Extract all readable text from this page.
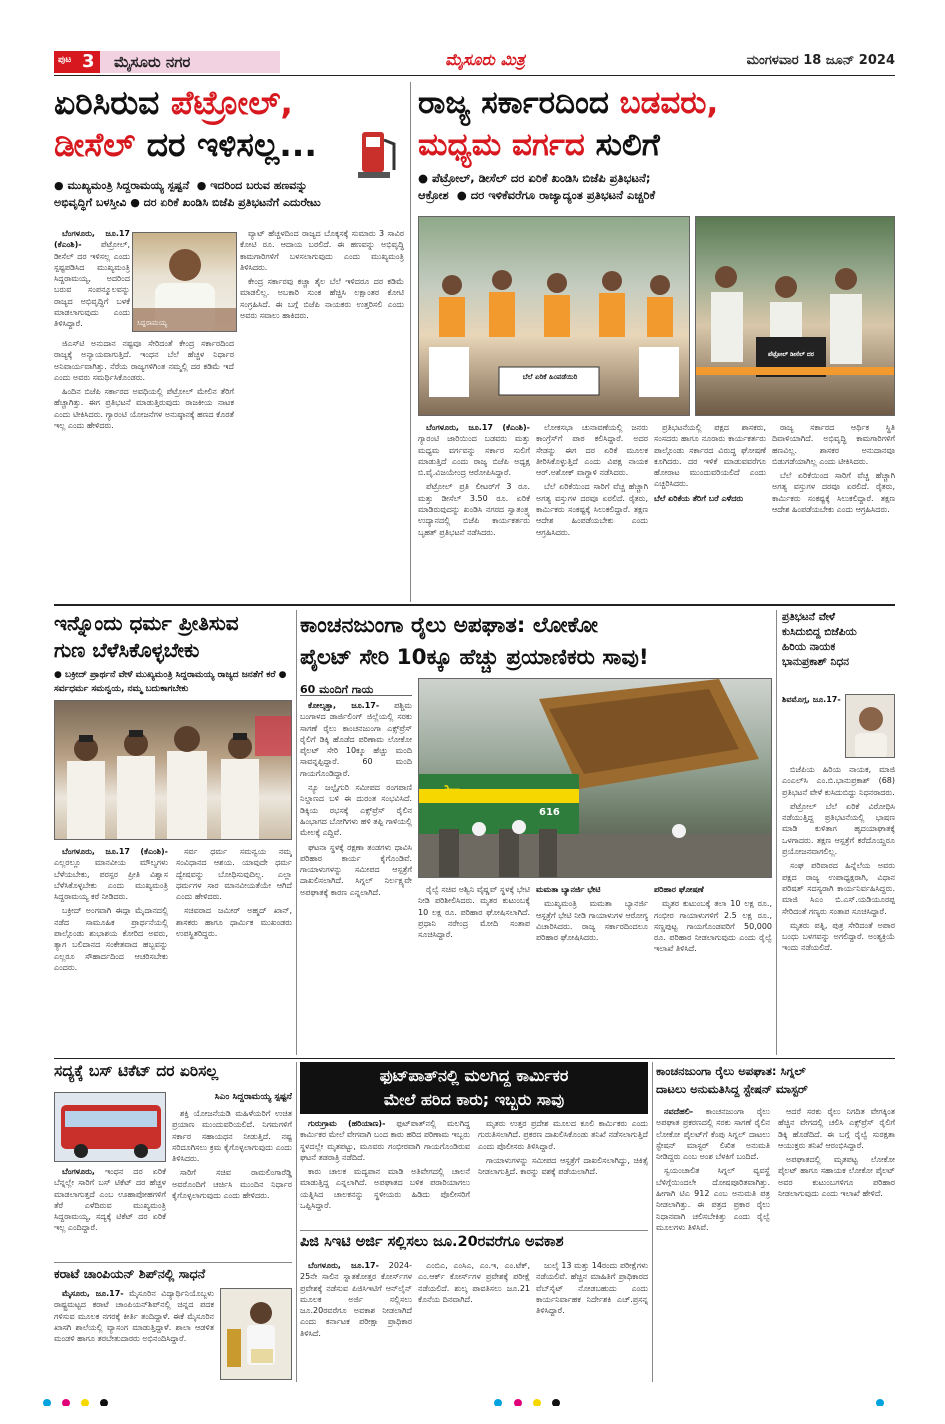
ಪುಟ 3 ಮೈಸೂರು ನಗರ	ಮೈಸೂರು ಮಿತ್ರ	ಮಂಗಳವಾರ 18 ಜೂನ್ 2024
ಏರಿಸಿರುವ ಪೆಟ್ರೋಲ್,
ಡೀಸೆಲ್ ದರ ಇಳಿಸಲ್ಲ...
● ಮುಖ್ಯಮಂತ್ರಿ ಸಿದ್ದರಾಮಯ್ಯ ಸ್ಪಷ್ಟನೆ  ● ಇದರಿಂದ ಬರುವ ಹಣವನ್ನು
ಅಭಿವೃದ್ಧಿಗೆ ಬಳಸ್ತೀವಿ ● ದರ ಏರಿಕೆ ಖಂಡಿಸಿ ಬಿಜೆಪಿ ಪ್ರತಿಭಟನೆಗೆ ಎದುರೇಟು
ಸಿದ್ದರಾಮಯ್ಯ

ಬೆಂಗಳೂರು, ಜೂ.17 (ಕೆಎಂಶಿ)- ಪೆಟ್ರೋಲ್, ಡೀಸೆಲ್ ದರ ಇಳಿಸಲ್ಲ ಎಂದು ಸ್ಪಷ್ಟಪಡಿಸಿದ ಮುಖ್ಯಮಂತ್ರಿ ಸಿದ್ದರಾಮಯ್ಯ, ಅದರಿಂದ ಬರುವ ಸಂಪನ್ಮೂಲವನ್ನು ರಾಜ್ಯದ ಅಭಿವೃದ್ಧಿಗೆ ಬಳಕೆ ಮಾಡಲಾಗುವುದು ಎಂದು ತಿಳಿಸಿದ್ದಾರೆ.

ಜಿಎಸ್‍ಟಿ ಅನುದಾನ ನಷ್ಟವೂ ಸೇರಿದಂತೆ ಕೇಂದ್ರ ಸರ್ಕಾರದಿಂದ ರಾಜ್ಯಕ್ಕೆ ಅನ್ಯಾಯವಾಗುತ್ತಿದೆ. ಇಂಧನ ಬೆಲೆ ಹೆಚ್ಚಳ ನಿರ್ಧಾರ ಅನಿವಾರ್ಯವಾಗಿತ್ತು. ನೆರೆಯ ರಾಜ್ಯಗಳಿಗಿಂತ ನಮ್ಮಲ್ಲಿ ದರ ಕಡಿಮೆ ಇದೆ ಎಂದು ಅವರು ಸಮರ್ಥಿಸಿಕೊಂಡರು.

ಹಿಂದಿನ ಬಿಜೆಪಿ ಸರ್ಕಾರದ ಅವಧಿಯಲ್ಲಿ ಪೆಟ್ರೋಲ್ ಮೇಲಿನ ತೆರಿಗೆ ಹೆಚ್ಚಾಗಿತ್ತು. ಈಗ ಪ್ರತಿಭಟನೆ ಮಾಡುತ್ತಿರುವುದು ರಾಜಕೀಯ ನಾಟಕ ಎಂದು ಟೀಕಿಸಿದರು. ಗ್ಯಾರಂಟಿ ಯೋಜನೆಗಳ ಅನುಷ್ಠಾನಕ್ಕೆ ಹಣದ ಕೊರತೆ ಇಲ್ಲ ಎಂದು ಹೇಳಿದರು.

ವ್ಯಾಟ್ ಹೆಚ್ಚಳದಿಂದ ರಾಜ್ಯದ ಬೊಕ್ಕಸಕ್ಕೆ ಸುಮಾರು 3 ಸಾವಿರ ಕೋಟಿ ರೂ. ಆದಾಯ ಬರಲಿದೆ. ಈ ಹಣವನ್ನು ಅಭಿವೃದ್ಧಿ ಕಾಮಗಾರಿಗಳಿಗೆ ಬಳಸಲಾಗುವುದು ಎಂದು ಮುಖ್ಯಮಂತ್ರಿ ತಿಳಿಸಿದರು.

ಕೇಂದ್ರ ಸರ್ಕಾರವು ಕಚ್ಚಾ ತೈಲ ಬೆಲೆ ಇಳಿದರೂ ದರ ಕಡಿಮೆ ಮಾಡಲಿಲ್ಲ. ಅಬಕಾರಿ ಸುಂಕ ಹೆಚ್ಚಿಸಿ ಲಕ್ಷಾಂತರ ಕೋಟಿ ಸಂಗ್ರಹಿಸಿದೆ. ಈ ಬಗ್ಗೆ ಬಿಜೆಪಿ ನಾಯಕರು ಉತ್ತರಿಸಲಿ ಎಂದು ಅವರು ಸವಾಲು ಹಾಕಿದರು.

ರಾಜ್ಯ ಸರ್ಕಾರದಿಂದ ಬಡವರು,
ಮಧ್ಯಮ ವರ್ಗದ ಸುಲಿಗೆ
● ಪೆಟ್ರೋಲ್, ಡೀಸೆಲ್ ದರ ಏರಿಕೆ ಖಂಡಿಸಿ ಬಿಜೆಪಿ ಪ್ರತಿಭಟನೆ;
ಆಕ್ರೋಶ  ● ದರ ಇಳಿಕೆವರೆಗೂ ರಾಜ್ಯಾದ್ಯಂತ ಪ್ರತಿಭಟನೆ ಎಚ್ಚರಿಕೆ
ಬೆಲೆ ಏರಿಕೆ ಹಿಂಪಡೆಯಿರಿ
ಪೆಟ್ರೋಲ್ ಡೀಸೆಲ್ ದರ

ಬೆಂಗಳೂರು, ಜೂ.17 (ಕೆಎಂಶಿ)- ಗ್ಯಾರಂಟಿ ಜಾರಿಯಿಂದ ಬಡವರು ಮತ್ತು ಮಧ್ಯಮ ವರ್ಗವನ್ನು ಸರ್ಕಾರ ಸುಲಿಗೆ ಮಾಡುತ್ತಿದೆ ಎಂದು ರಾಜ್ಯ ಬಿಜೆಪಿ ಅಧ್ಯಕ್ಷ ಬಿ.ವೈ.ವಿಜಯೇಂದ್ರ ಆರೋಪಿಸಿದ್ದಾರೆ.

ಪೆಟ್ರೋಲ್ ಪ್ರತಿ ಲೀಟರ್‌ಗೆ 3 ರೂ. ಮತ್ತು ಡೀಸೆಲ್ 3.50 ರೂ. ಏರಿಕೆ ಮಾಡಿರುವುದನ್ನು ಖಂಡಿಸಿ ನಗರದ ಸ್ವಾತಂತ್ರ್ಯ ಉದ್ಯಾನದಲ್ಲಿ ಬಿಜೆಪಿ ಕಾರ್ಯಕರ್ತರು ಬೃಹತ್ ಪ್ರತಿಭಟನೆ ನಡೆಸಿದರು.

ಲೋಕಸಭಾ ಚುನಾವಣೆಯಲ್ಲಿ ಜನರು ಕಾಂಗ್ರೆಸ್‌ಗೆ ಪಾಠ ಕಲಿಸಿದ್ದಾರೆ. ಅದರ ಸೇಡನ್ನು ಈಗ ದರ ಏರಿಕೆ ಮೂಲಕ ತೀರಿಸಿಕೊಳ್ಳುತ್ತಿದೆ ಎಂದು ವಿಪಕ್ಷ ನಾಯಕ ಆರ್.ಅಶೋಕ್ ವಾಗ್ದಾಳಿ ನಡೆಸಿದರು.

ಬೆಲೆ ಏರಿಕೆಯಿಂದ ಸಾರಿಗೆ ವೆಚ್ಚ ಹೆಚ್ಚಾಗಿ ಅಗತ್ಯ ವಸ್ತುಗಳ ದರವೂ ಏರಲಿದೆ. ರೈತರು, ಕಾರ್ಮಿಕರು ಸಂಕಷ್ಟಕ್ಕೆ ಸಿಲುಕಲಿದ್ದಾರೆ. ತಕ್ಷಣ ಆದೇಶ ಹಿಂಪಡೆಯಬೇಕು ಎಂದು ಆಗ್ರಹಿಸಿದರು.

ಪ್ರತಿಭಟನೆಯಲ್ಲಿ ಪಕ್ಷದ ಶಾಸಕರು, ಸಂಸದರು ಹಾಗೂ ನೂರಾರು ಕಾರ್ಯಕರ್ತರು ಪಾಲ್ಗೊಂಡು ಸರ್ಕಾರದ ವಿರುದ್ಧ ಘೋಷಣೆ ಕೂಗಿದರು. ದರ ಇಳಿಕೆ ಮಾಡುವವರೆಗೂ ಹೋರಾಟ ಮುಂದುವರಿಯಲಿದೆ ಎಂದು ಎಚ್ಚರಿಸಿದರು.

ಬೆಲೆ ಏರಿಕೆಯ ತೆರಿಗೆ ಬರೆ ಎಳೆದರು

ರಾಜ್ಯ ಸರ್ಕಾರದ ಆರ್ಥಿಕ ಸ್ಥಿತಿ ದಿವಾಳಿಯಾಗಿದೆ. ಅಭಿವೃದ್ಧಿ ಕಾಮಗಾರಿಗಳಿಗೆ ಹಣವಿಲ್ಲ. ಶಾಸಕರ ಅನುದಾನವೂ ಬಿಡುಗಡೆಯಾಗಿಲ್ಲ ಎಂದು ಟೀಕಿಸಿದರು.

ಬೆಲೆ ಏರಿಕೆಯಿಂದ ಸಾರಿಗೆ ವೆಚ್ಚ ಹೆಚ್ಚಾಗಿ ಅಗತ್ಯ ವಸ್ತುಗಳ ದರವೂ ಏರಲಿದೆ. ರೈತರು, ಕಾರ್ಮಿಕರು ಸಂಕಷ್ಟಕ್ಕೆ ಸಿಲುಕಲಿದ್ದಾರೆ. ತಕ್ಷಣ ಆದೇಶ ಹಿಂಪಡೆಯಬೇಕು ಎಂದು ಆಗ್ರಹಿಸಿದರು.

ಇನ್ನೊಂದು ಧರ್ಮ ಪ್ರೀತಿಸುವ
ಗುಣ ಬೆಳೆಸಿಕೊಳ್ಳಬೇಕು
● ಬಕ್ರೀದ್ ಪ್ರಾರ್ಥನೆ ವೇಳೆ ಮುಖ್ಯಮಂತ್ರಿ ಸಿದ್ದರಾಮಯ್ಯ ರಾಜ್ಯದ ಜನತೆಗೆ ಕರೆ ● ಸರ್ವಧರ್ಮ ಸಮನ್ವಯ, ನಮ್ಮ ಬದುಕಾಗಬೇಕು

ಬೆಂಗಳೂರು, ಜೂ.17 (ಕೆಎಂಶಿ)- ಎಲ್ಲರಲ್ಲೂ ಮಾನವೀಯ ಮೌಲ್ಯಗಳು ಬೆಳೆಯಬೇಕು, ಪರಸ್ಪರ ಪ್ರೀತಿ ವಿಶ್ವಾಸ ಬೆಳೆಸಿಕೊಳ್ಳಬೇಕು ಎಂದು ಮುಖ್ಯಮಂತ್ರಿ ಸಿದ್ದರಾಮಯ್ಯ ಕರೆ ನೀಡಿದರು.

ಬಕ್ರೀದ್ ಅಂಗವಾಗಿ ಈದ್ಗಾ ಮೈದಾನದಲ್ಲಿ ನಡೆದ ಸಾಮೂಹಿಕ ಪ್ರಾರ್ಥನೆಯಲ್ಲಿ ಪಾಲ್ಗೊಂಡು ಶುಭಾಶಯ ಕೋರಿದ ಅವರು, ತ್ಯಾಗ ಬಲಿದಾನದ ಸಂಕೇತವಾದ ಹಬ್ಬವನ್ನು ಎಲ್ಲರೂ ಸೌಹಾರ್ದದಿಂದ ಆಚರಿಸಬೇಕು ಎಂದರು.

ಸರ್ವ ಧರ್ಮ ಸಮನ್ವಯ ನಮ್ಮ ಸಂವಿಧಾನದ ಆಶಯ. ಯಾವುದೇ ಧರ್ಮ ದ್ವೇಷವನ್ನು ಬೋಧಿಸುವುದಿಲ್ಲ. ಎಲ್ಲಾ ಧರ್ಮಗಳ ಸಾರ ಮಾನವೀಯತೆಯೇ ಆಗಿದೆ ಎಂದು ಹೇಳಿದರು.

ಸಚಿವರಾದ ಜಮೀರ್ ಅಹ್ಮದ್ ಖಾನ್, ಶಾಸಕರು ಹಾಗೂ ಧಾರ್ಮಿಕ ಮುಖಂಡರು ಉಪಸ್ಥಿತರಿದ್ದರು.

ಕಾಂಚನಜುಂಗಾ ರೈಲು ಅಪಘಾತ: ಲೋಕೋ
ಪೈಲಟ್ ಸೇರಿ 10ಕ್ಕೂ ಹೆಚ್ಚು ಪ್ರಯಾಣಿಕರು ಸಾವು!
60 ಮಂದಿಗೆ ಗಾಯ

ಕೋಲ್ಕತ್ತಾ, ಜೂ.17- ಪಶ್ಚಿಮ ಬಂಗಾಳದ ಡಾರ್ಜಿಲಿಂಗ್ ಜಿಲ್ಲೆಯಲ್ಲಿ ಸರಕು ಸಾಗಣೆ ರೈಲು ಕಾಂಚನಜುಂಗಾ ಎಕ್ಸ್‌ಪ್ರೆಸ್ ರೈಲಿಗೆ ಡಿಕ್ಕಿ ಹೊಡೆದ ಪರಿಣಾಮ ಲೋಕೋ ಪೈಲಟ್ ಸೇರಿ 10ಕ್ಕೂ ಹೆಚ್ಚು ಮಂದಿ ಸಾವನ್ನಪ್ಪಿದ್ದಾರೆ. 60 ಮಂದಿ ಗಾಯಗೊಂಡಿದ್ದಾರೆ.

ನ್ಯೂ ಜಲ್ಪೈಗುರಿ ಸಮೀಪದ ರಂಗಪಾಣಿ ನಿಲ್ದಾಣದ ಬಳಿ ಈ ದುರಂತ ಸಂಭವಿಸಿದೆ. ಡಿಕ್ಕಿಯ ರಭಸಕ್ಕೆ ಎಕ್ಸ್‌ಪ್ರೆಸ್ ರೈಲಿನ ಹಿಂಭಾಗದ ಬೋಗಿಗಳು ಹಳಿ ತಪ್ಪಿ ಗಾಳಿಯಲ್ಲಿ ಮೇಲಕ್ಕೆ ಎದ್ದಿವೆ.

ಘಟನಾ ಸ್ಥಳಕ್ಕೆ ರಕ್ಷಣಾ ತಂಡಗಳು ಧಾವಿಸಿ ಪರಿಹಾರ ಕಾರ್ಯ ಕೈಗೊಂಡಿವೆ. ಗಾಯಾಳುಗಳನ್ನು ಸಮೀಪದ ಆಸ್ಪತ್ರೆಗೆ ದಾಖಲಿಸಲಾಗಿದೆ. ಸಿಗ್ನಲ್ ನಿರ್ಲಕ್ಷ್ಯವೇ ಅಪಘಾತಕ್ಕೆ ಕಾರಣ ಎನ್ನಲಾಗಿದೆ.

रेल
616

ರೈಲ್ವೆ ಸಚಿವ ಅಶ್ವಿನಿ ವೈಷ್ಣವ್ ಸ್ಥಳಕ್ಕೆ ಭೇಟಿ ನೀಡಿ ಪರಿಶೀಲಿಸಿದರು. ಮೃತರ ಕುಟುಂಬಕ್ಕೆ 10 ಲಕ್ಷ ರೂ. ಪರಿಹಾರ ಘೋಷಿಸಲಾಗಿದೆ. ಪ್ರಧಾನಿ ನರೇಂದ್ರ ಮೋದಿ ಸಂತಾಪ ಸೂಚಿಸಿದ್ದಾರೆ.

ಮಮತಾ ಬ್ಯಾನರ್ಜಿ ಭೇಟಿ

ಮುಖ್ಯಮಂತ್ರಿ ಮಮತಾ ಬ್ಯಾನರ್ಜಿ ಆಸ್ಪತ್ರೆಗೆ ಭೇಟಿ ನೀಡಿ ಗಾಯಾಳುಗಳ ಆರೋಗ್ಯ ವಿಚಾರಿಸಿದರು. ರಾಜ್ಯ ಸರ್ಕಾರದಿಂದಲೂ ಪರಿಹಾರ ಘೋಷಿಸಿದರು.

ಪರಿಹಾರ ಘೋಷಣೆ

ಮೃತರ ಕುಟುಂಬಕ್ಕೆ ತಲಾ 10 ಲಕ್ಷ ರೂ., ಗಂಭೀರ ಗಾಯಾಳುಗಳಿಗೆ 2.5 ಲಕ್ಷ ರೂ., ಸಣ್ಣಪುಟ್ಟ ಗಾಯಗೊಂಡವರಿಗೆ 50,000 ರೂ. ಪರಿಹಾರ ನೀಡಲಾಗುವುದು ಎಂದು ರೈಲ್ವೆ ಇಲಾಖೆ ತಿಳಿಸಿದೆ.

ಪ್ರತಿಭಟನೆ ವೇಳೆ
ಕುಸಿದುಬಿದ್ದ ಬಿಜೆಪಿಯ
ಹಿರಿಯ ನಾಯಕ
ಭಾನುಪ್ರಕಾಶ್ ನಿಧನ

ಶಿವಮೊಗ್ಗ, ಜೂ.17-

ಬಿಜೆಪಿಯ ಹಿರಿಯ ನಾಯಕ, ಮಾಜಿ ಎಂಎಲ್‌ಸಿ ಎಂ.ಬಿ.ಭಾನುಪ್ರಕಾಶ್ (68) ಪ್ರತಿಭಟನೆ ವೇಳೆ ಕುಸಿದುಬಿದ್ದು ನಿಧನರಾದರು.

ಪೆಟ್ರೋಲ್ ಬೆಲೆ ಏರಿಕೆ ವಿರೋಧಿಸಿ ನಡೆಯುತ್ತಿದ್ದ ಪ್ರತಿಭಟನೆಯಲ್ಲಿ ಭಾಷಣ ಮಾಡಿ ಕುಳಿತಾಗ ಹೃದಯಾಘಾತಕ್ಕೆ ಒಳಗಾದರು. ತಕ್ಷಣ ಆಸ್ಪತ್ರೆಗೆ ಕರೆದೊಯ್ದರೂ ಪ್ರಯೋಜನವಾಗಲಿಲ್ಲ.

ಸಂಘ ಪರಿವಾರದ ಹಿನ್ನೆಲೆಯ ಅವರು ಪಕ್ಷದ ರಾಜ್ಯ ಉಪಾಧ್ಯಕ್ಷರಾಗಿ, ವಿಧಾನ ಪರಿಷತ್ ಸದಸ್ಯರಾಗಿ ಕಾರ್ಯನಿರ್ವಹಿಸಿದ್ದರು. ಮಾಜಿ ಸಿಎಂ ಬಿ.ಎಸ್.ಯಡಿಯೂರಪ್ಪ ಸೇರಿದಂತೆ ಗಣ್ಯರು ಸಂತಾಪ ಸೂಚಿಸಿದ್ದಾರೆ.

ಮೃತರು ಪತ್ನಿ, ಪುತ್ರ ಸೇರಿದಂತೆ ಅಪಾರ ಬಂಧು ಬಳಗವನ್ನು ಅಗಲಿದ್ದಾರೆ. ಅಂತ್ಯಕ್ರಿಯೆ ಇಂದು ನಡೆಯಲಿದೆ.

ಸದ್ಯಕ್ಕೆ ಬಸ್ ಟಿಕೆಟ್ ದರ ಏರಿಸಲ್ಲ
ಸಿಎಂ ಸಿದ್ದರಾಮಯ್ಯ ಸ್ಪಷ್ಟನೆ

ಬೆಂಗಳೂರು, ಇಂಧನ ದರ ಏರಿಕೆ ಬೆನ್ನಲ್ಲೇ ಸಾರಿಗೆ ಬಸ್ ಟಿಕೆಟ್ ದರ ಹೆಚ್ಚಳ ಮಾಡಲಾಗುತ್ತದೆ ಎಂಬ ಊಹಾಪೋಹಗಳಿಗೆ ತೆರೆ ಎಳೆದಿರುವ ಮುಖ್ಯಮಂತ್ರಿ ಸಿದ್ದರಾಮಯ್ಯ, ಸದ್ಯಕ್ಕೆ ಟಿಕೆಟ್ ದರ ಏರಿಕೆ ಇಲ್ಲ ಎಂದಿದ್ದಾರೆ.

ಶಕ್ತಿ ಯೋಜನೆಯಡಿ ಮಹಿಳೆಯರಿಗೆ ಉಚಿತ ಪ್ರಯಾಣ ಮುಂದುವರಿಯಲಿದೆ. ನಿಗಮಗಳಿಗೆ ಸರ್ಕಾರ ಸಹಾಯಧನ ನೀಡುತ್ತಿದೆ. ನಷ್ಟ ಸರಿದೂಗಿಸಲು ಕ್ರಮ ಕೈಗೊಳ್ಳಲಾಗುವುದು ಎಂದು ತಿಳಿಸಿದರು.

ಸಾರಿಗೆ ಸಚಿವ ರಾಮಲಿಂಗಾರೆಡ್ಡಿ ಅವರೊಂದಿಗೆ ಚರ್ಚಿಸಿ ಮುಂದಿನ ನಿರ್ಧಾರ ಕೈಗೊಳ್ಳಲಾಗುವುದು ಎಂದು ಹೇಳಿದರು.

ಕರಾಟೆ ಚಾಂಪಿಯನ್ ಶಿಪ್‌ನಲ್ಲಿ ಸಾಧನೆ

ಮೈಸೂರು, ಜೂ.17- ಮೈಸೂರಿನ ವಿದ್ಯಾರ್ಥಿನಿಯೊಬ್ಬಳು ರಾಷ್ಟ್ರಮಟ್ಟದ ಕರಾಟೆ ಚಾಂಪಿಯನ್‌ಶಿಪ್‌ನಲ್ಲಿ ಚಿನ್ನದ ಪದಕ ಗಳಿಸುವ ಮೂಲಕ ನಗರಕ್ಕೆ ಕೀರ್ತಿ ತಂದಿದ್ದಾಳೆ. ಈಕೆ ಮೈಸೂರಿನ ಖಾಸಗಿ ಶಾಲೆಯಲ್ಲಿ ವ್ಯಾಸಂಗ ಮಾಡುತ್ತಿದ್ದಾಳೆ. ಶಾಲಾ ಆಡಳಿತ ಮಂಡಳಿ ಹಾಗೂ ತರಬೇತುದಾರರು ಅಭಿನಂದಿಸಿದ್ದಾರೆ.

ಫುಟ್‌ಪಾತ್‌ನಲ್ಲಿ ಮಲಗಿದ್ದ ಕಾರ್ಮಿಕರ
ಮೇಲೆ ಹರಿದ ಕಾರು; ಇಬ್ಬರು ಸಾವು

ಗುರುಗ್ರಾಮ (ಹರಿಯಾಣ)- ಫುಟ್‌ಪಾತ್‌ನಲ್ಲಿ ಮಲಗಿದ್ದ ಕಾರ್ಮಿಕರ ಮೇಲೆ ವೇಗವಾಗಿ ಬಂದ ಕಾರು ಹರಿದ ಪರಿಣಾಮ ಇಬ್ಬರು ಸ್ಥಳದಲ್ಲೇ ಮೃತಪಟ್ಟು, ಮೂವರು ಗಂಭೀರವಾಗಿ ಗಾಯಗೊಂಡಿರುವ ಘಟನೆ ತಡರಾತ್ರಿ ನಡೆದಿದೆ.

ಕಾರು ಚಾಲಕ ಮದ್ಯಪಾನ ಮಾಡಿ ಅತಿವೇಗದಲ್ಲಿ ಚಾಲನೆ ಮಾಡುತ್ತಿದ್ದ ಎನ್ನಲಾಗಿದೆ. ಅಪಘಾತದ ಬಳಿಕ ಪರಾರಿಯಾಗಲು ಯತ್ನಿಸಿದ ಚಾಲಕನನ್ನು ಸ್ಥಳೀಯರು ಹಿಡಿದು ಪೊಲೀಸರಿಗೆ ಒಪ್ಪಿಸಿದ್ದಾರೆ.

ಮೃತರು ಉತ್ತರ ಪ್ರದೇಶ ಮೂಲದ ಕೂಲಿ ಕಾರ್ಮಿಕರು ಎಂದು ಗುರುತಿಸಲಾಗಿದೆ. ಪ್ರಕರಣ ದಾಖಲಿಸಿಕೊಂಡು ತನಿಖೆ ನಡೆಸಲಾಗುತ್ತಿದೆ ಎಂದು ಪೊಲೀಸರು ತಿಳಿಸಿದ್ದಾರೆ.

ಗಾಯಾಳುಗಳನ್ನು ಸಮೀಪದ ಆಸ್ಪತ್ರೆಗೆ ದಾಖಲಿಸಲಾಗಿದ್ದು, ಚಿಕಿತ್ಸೆ ನೀಡಲಾಗುತ್ತಿದೆ. ಕಾರನ್ನು ವಶಕ್ಕೆ ಪಡೆಯಲಾಗಿದೆ.

ಪಿಜಿ ಸಿಇಟಿ ಅರ್ಜಿ ಸಲ್ಲಿಸಲು ಜೂ.20ರವರೆಗೂ ಅವಕಾಶ

ಬೆಂಗಳೂರು, ಜೂ.17- 2024-25ನೇ ಸಾಲಿನ ಸ್ನಾತಕೋತ್ತರ ಕೋರ್ಸ್‌ಗಳ ಪ್ರವೇಶಕ್ಕೆ ನಡೆಸುವ ಪಿಜಿಸಿಇಟಿಗೆ ಆನ್‌ಲೈನ್ ಮೂಲಕ ಅರ್ಜಿ ಸಲ್ಲಿಸಲು ಜೂ.20ರವರೆಗೂ ಅವಕಾಶ ನೀಡಲಾಗಿದೆ ಎಂದು ಕರ್ನಾಟಕ ಪರೀಕ್ಷಾ ಪ್ರಾಧಿಕಾರ ತಿಳಿಸಿದೆ.

ಎಂಬಿಎ, ಎಂಸಿಎ, ಎಂ.ಇ, ಎಂ.ಟೆಕ್, ಎಂ.ಆರ್ಕ್ ಕೋರ್ಸ್‌ಗಳ ಪ್ರವೇಶಕ್ಕೆ ಪರೀಕ್ಷೆ ನಡೆಯಲಿದೆ. ಶುಲ್ಕ ಪಾವತಿಸಲು ಜೂ.21 ಕೊನೆಯ ದಿನವಾಗಿದೆ.

ಜುಲೈ 13 ಮತ್ತು 14ರಂದು ಪರೀಕ್ಷೆಗಳು ನಡೆಯಲಿವೆ. ಹೆಚ್ಚಿನ ಮಾಹಿತಿಗೆ ಪ್ರಾಧಿಕಾರದ ವೆಬ್‌ಸೈಟ್ ನೋಡಬಹುದು ಎಂದು ಕಾರ್ಯನಿರ್ವಾಹಕ ನಿರ್ದೇಶಕಿ ಎಚ್.ಪ್ರಸನ್ನ ತಿಳಿಸಿದ್ದಾರೆ.

ಕಾಂಚನಜುಂಗಾ ರೈಲು ಅಪಘಾತ: ಸಿಗ್ನಲ್
ದಾಟಲು ಅನುಮತಿಸಿದ್ದ ಸ್ಟೇಷನ್ ಮಾಸ್ಟರ್

ನವದೆಹಲಿ- ಕಾಂಚನಜುಂಗಾ ರೈಲು ಅಪಘಾತ ಪ್ರಕರಣದಲ್ಲಿ ಸರಕು ಸಾಗಣೆ ರೈಲಿನ ಲೋಕೋ ಪೈಲಟ್‌ಗೆ ಕೆಂಪು ಸಿಗ್ನಲ್ ದಾಟಲು ಸ್ಟೇಷನ್ ಮಾಸ್ಟರ್ ಲಿಖಿತ ಅನುಮತಿ ನೀಡಿದ್ದರು ಎಂಬ ಅಂಶ ಬೆಳಕಿಗೆ ಬಂದಿದೆ.

ಸ್ವಯಂಚಾಲಿತ ಸಿಗ್ನಲ್ ವ್ಯವಸ್ಥೆ ಬೆಳಿಗ್ಗೆಯಿಂದಲೇ ದೋಷಪೂರಿತವಾಗಿತ್ತು. ಹೀಗಾಗಿ ಟಿಎ 912 ಎಂಬ ಅನುಮತಿ ಪತ್ರ ನೀಡಲಾಗಿತ್ತು. ಈ ಪತ್ರದ ಪ್ರಕಾರ ರೈಲು ನಿಧಾನವಾಗಿ ಚಲಿಸಬೇಕಿತ್ತು ಎಂದು ರೈಲ್ವೆ ಮೂಲಗಳು ತಿಳಿಸಿವೆ.

ಆದರೆ ಸರಕು ರೈಲು ನಿಗದಿತ ವೇಗಕ್ಕಿಂತ ಹೆಚ್ಚಿನ ವೇಗದಲ್ಲಿ ಚಲಿಸಿ ಎಕ್ಸ್‌ಪ್ರೆಸ್ ರೈಲಿಗೆ ಡಿಕ್ಕಿ ಹೊಡೆದಿದೆ. ಈ ಬಗ್ಗೆ ರೈಲ್ವೆ ಸುರಕ್ಷತಾ ಆಯುಕ್ತರು ತನಿಖೆ ಆರಂಭಿಸಿದ್ದಾರೆ.

ಅಪಘಾತದಲ್ಲಿ ಮೃತಪಟ್ಟ ಲೋಕೋ ಪೈಲಟ್ ಹಾಗೂ ಸಹಾಯಕ ಲೋಕೋ ಪೈಲಟ್ ಅವರ ಕುಟುಂಬಗಳಿಗೂ ಪರಿಹಾರ ನೀಡಲಾಗುವುದು ಎಂದು ಇಲಾಖೆ ಹೇಳಿದೆ.
